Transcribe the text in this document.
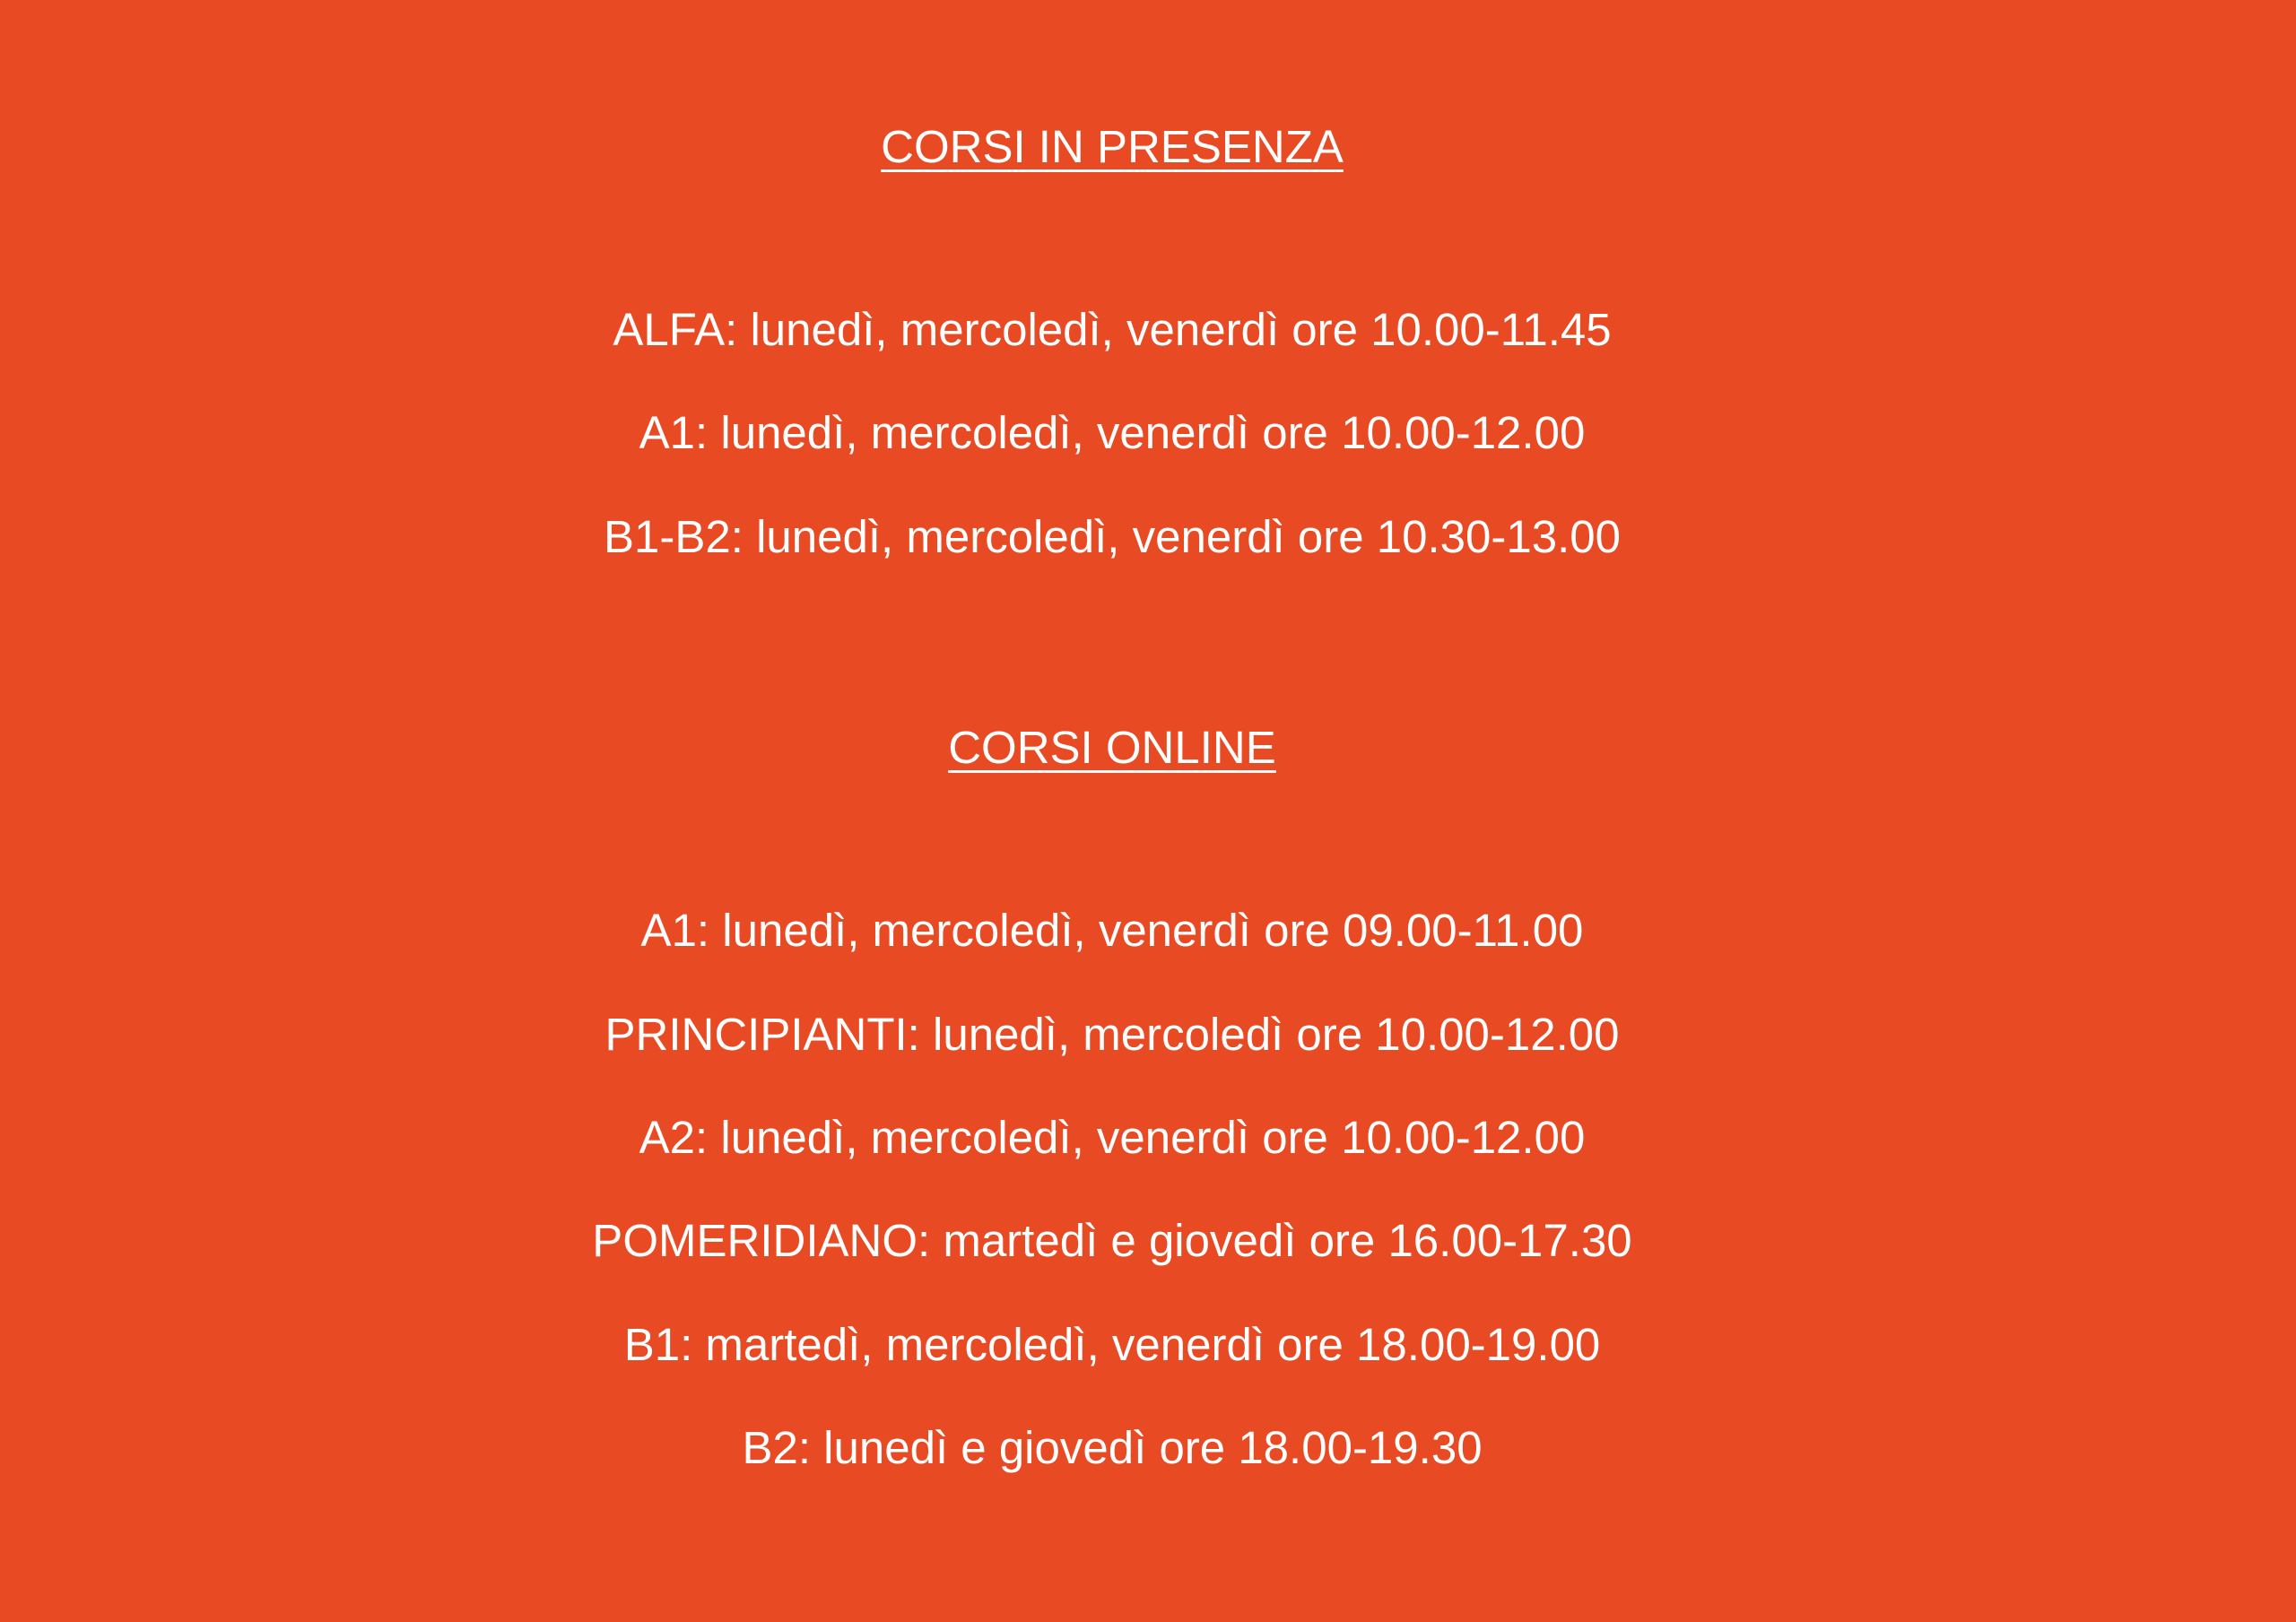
CORSI IN PRESENZA
ALFA: lunedì, mercoledì, venerdì ore 10.00-11.45
A1: lunedì, mercoledì, venerdì ore 10.00-12.00
B1-B2: lunedì, mercoledì, venerdì ore 10.30-13.00
CORSI ONLINE
A1: lunedì, mercoledì, venerdì ore 09.00-11.00
PRINCIPIANTI: lunedì, mercoledì ore 10.00-12.00
A2: lunedì, mercoledì, venerdì ore 10.00-12.00
POMERIDIANO: martedì e giovedì ore 16.00-17.30
B1: martedì, mercoledì, venerdì ore 18.00-19.00
B2: lunedì e giovedì ore 18.00-19.30
